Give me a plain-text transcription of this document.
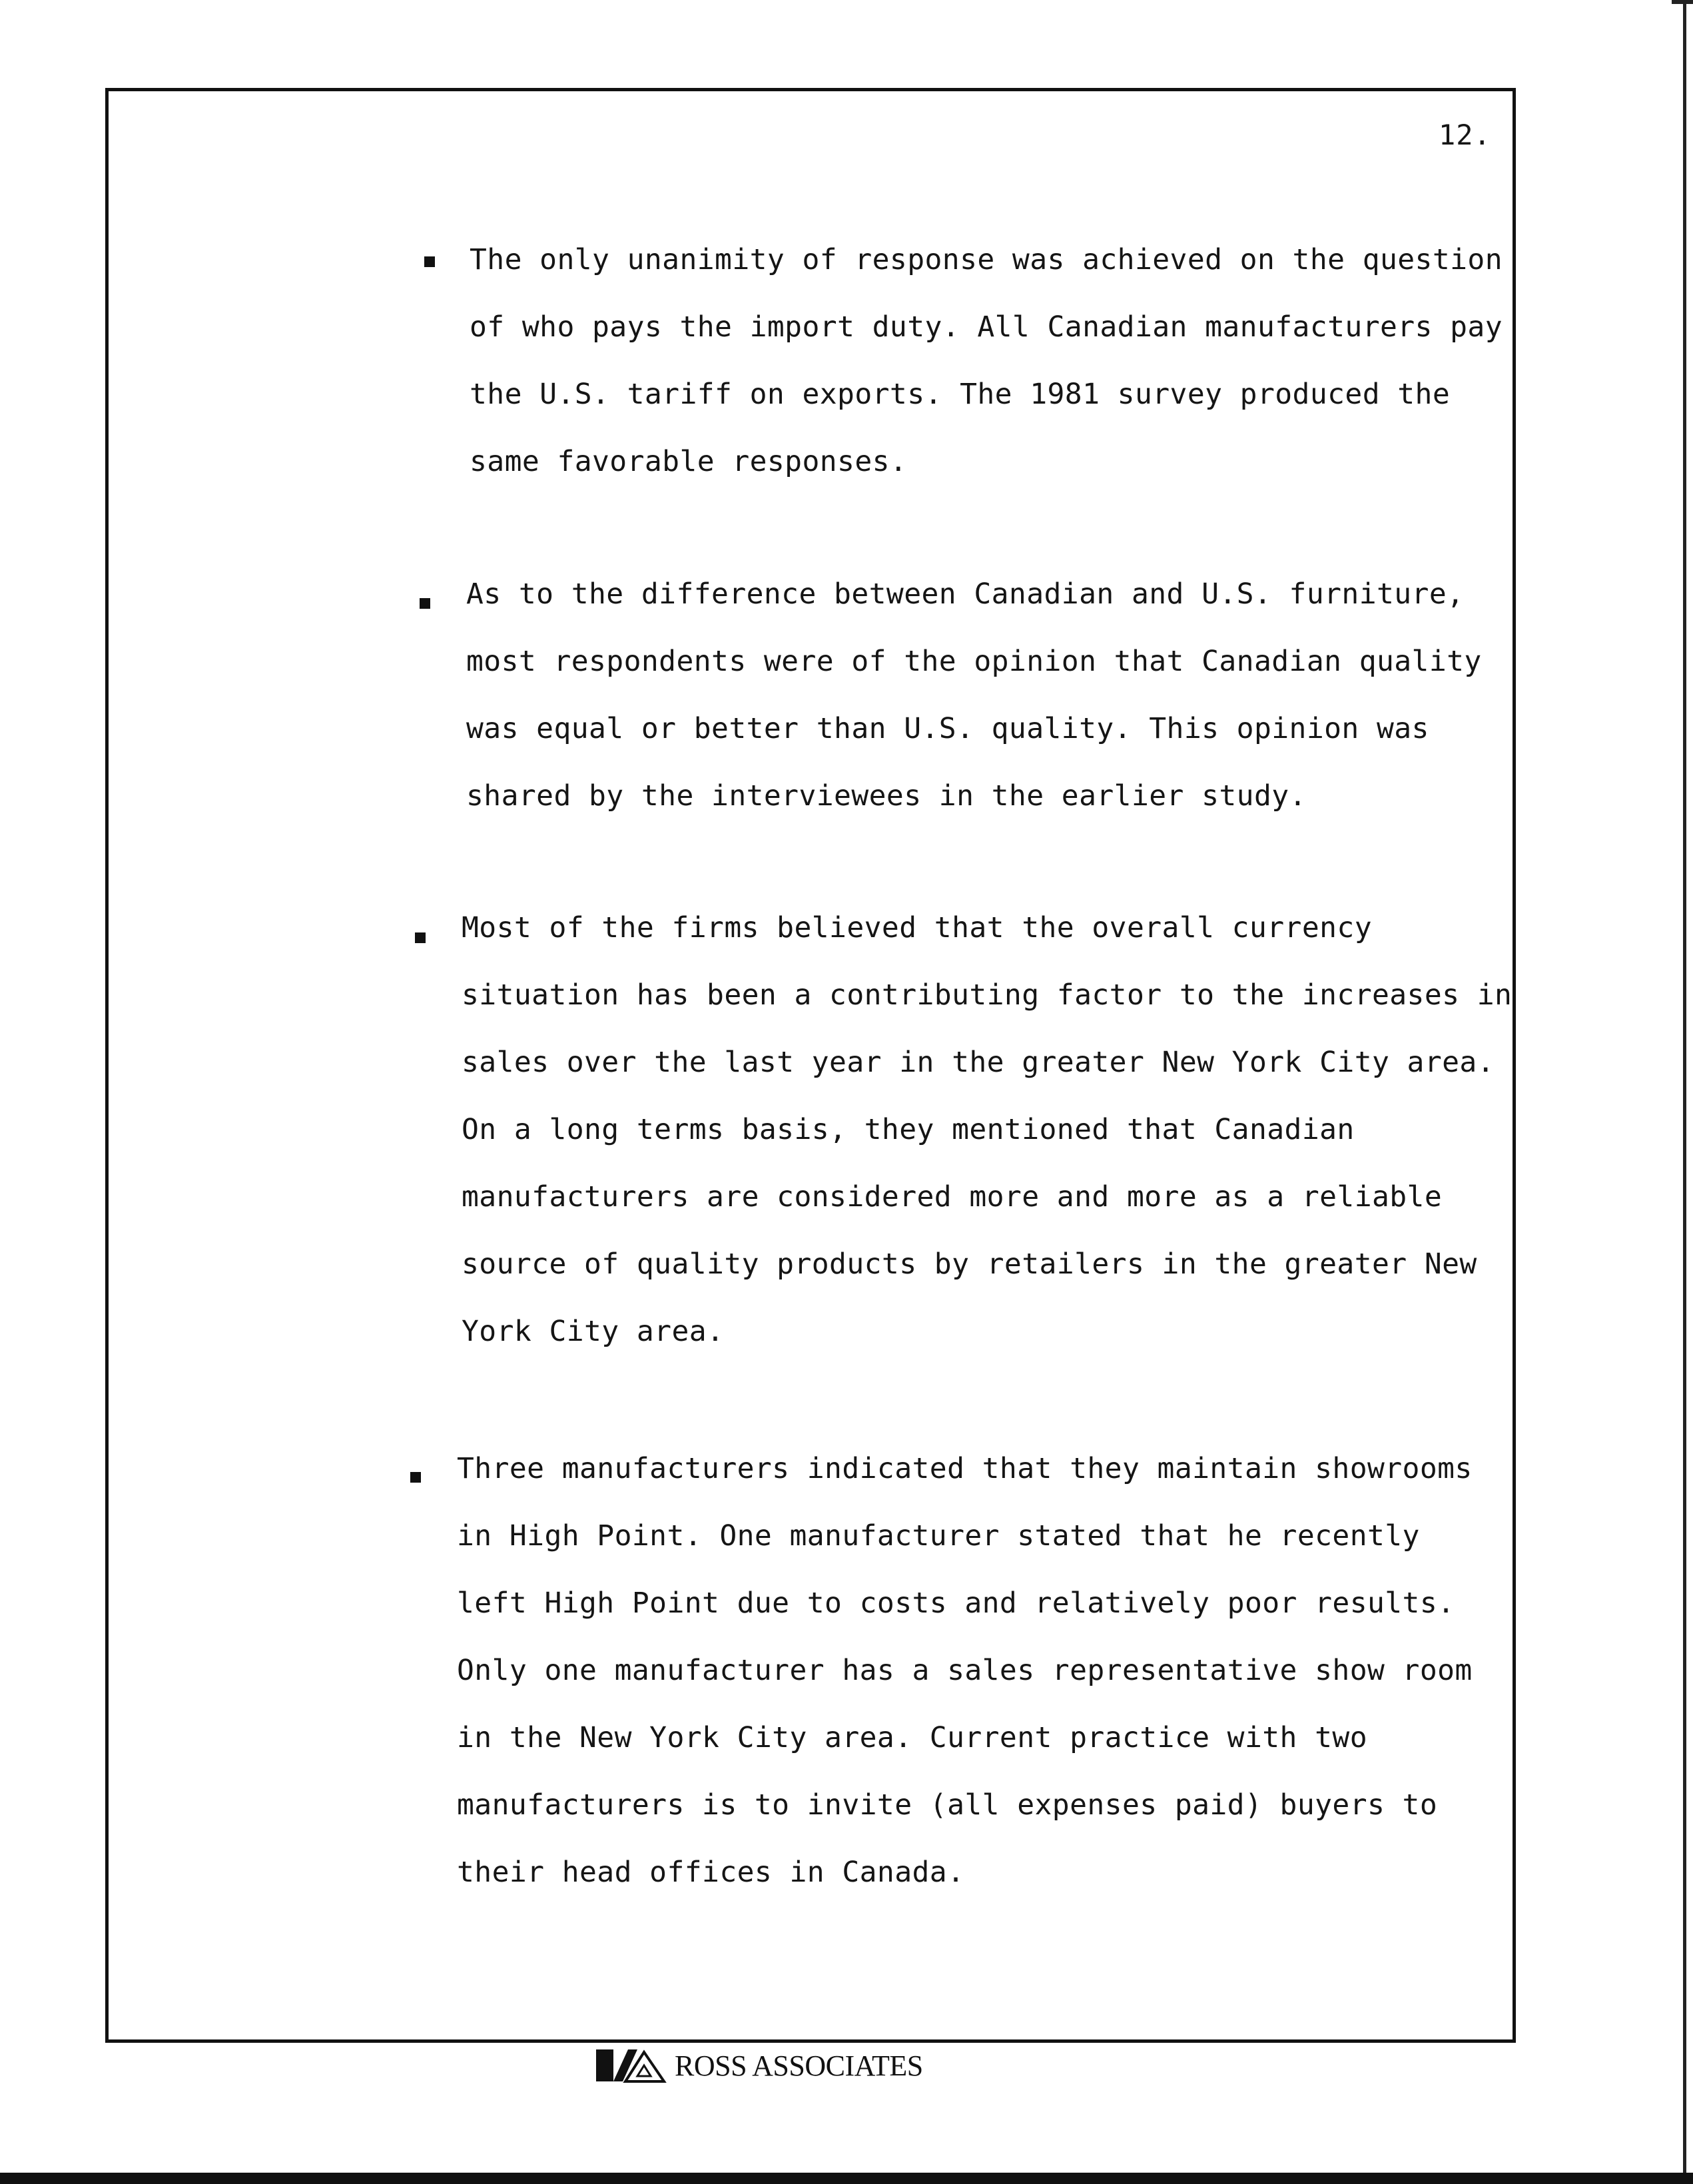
12.
The only unanimity of response was achieved on the question
of who pays the import duty. All Canadian manufacturers pay
the U.S. tariff on exports. The 1981 survey produced the
same favorable responses.
As to the difference between Canadian and U.S. furniture,
most respondents were of the opinion that Canadian quality
was equal or better than U.S. quality. This opinion was
shared by the interviewees in the earlier study.
Most of the firms believed that the overall currency
situation has been a contributing factor to the increases in
sales over the last year in the greater New York City area.
On a long terms basis, they mentioned that Canadian
manufacturers are considered more and more as a reliable
source of quality products by retailers in the greater New
York City area.
Three manufacturers indicated that they maintain showrooms
in High Point. One manufacturer stated that he recently
left High Point due to costs and relatively poor results.
Only one manufacturer has a sales representative show room
in the New York City area. Current practice with two
manufacturers is to invite (all expenses paid) buyers to
their head offices in Canada.
ROSS ASSOCIATES
